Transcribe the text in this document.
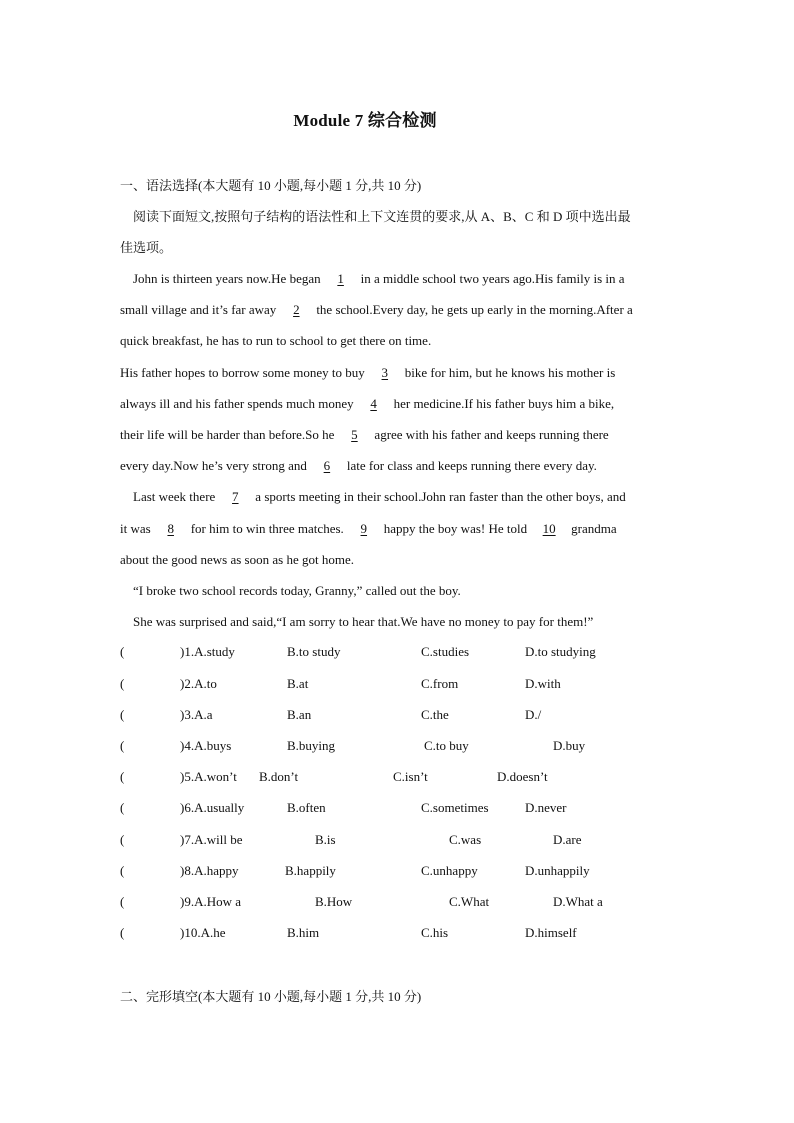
Module 7 综合检测
一、语法选择(本大题有 10 小题,每小题 1 分,共 10 分)
阅读下面短文,按照句子结构的语法性和上下文连贯的要求,从 A、B、C 和 D 项中选出最
佳选项。
John is thirteen years now.He began 1 in a middle school two years ago.His family is in a
small village and it’s far away 2 the school.Every day, he gets up early in the morning.After a
quick breakfast, he has to run to school to get there on time.
His father hopes to borrow some money to buy 3 bike for him, but he knows his mother is
always ill and his father spends much money 4 her medicine.If his father buys him a bike,
their life will be harder than before.So he 5 agree with his father and keeps running there
every day.Now he’s very strong and 6 late for class and keeps running there every day.
Last week there 7 a sports meeting in their school.John ran faster than the other boys, and
it was 8 for him to win three matches. 9 happy the boy was! He told 10 grandma
about the good news as soon as he got home.
“I broke two school records today, Granny,” called out the boy.
She was surprised and said,“I am sorry to hear that.We have no money to pay for them!”
(	)1.A.study	B.to study	C.studies	D.to studying
(	)2.A.to	B.at	C.from	D.with
(	)3.A.a	B.an	C.the	D./
(	)4.A.buys	B.buying	C.to buy	D.buy
(	)5.A.won’t B.don’t	C.isn’t	D.doesn’t
(	)6.A.usually	B.often	C.sometimes	D.never
(	)7.A.will be	B.is	C.was	D.are
(	)8.A.happy	B.happily	C.unhappy	D.unhappily
(	)9.A.How a	B.How	C.What	D.What a
(	)10.A.he	B.him	C.his	D.himself
二、完形填空(本大题有 10 小题,每小题 1 分,共 10 分)
